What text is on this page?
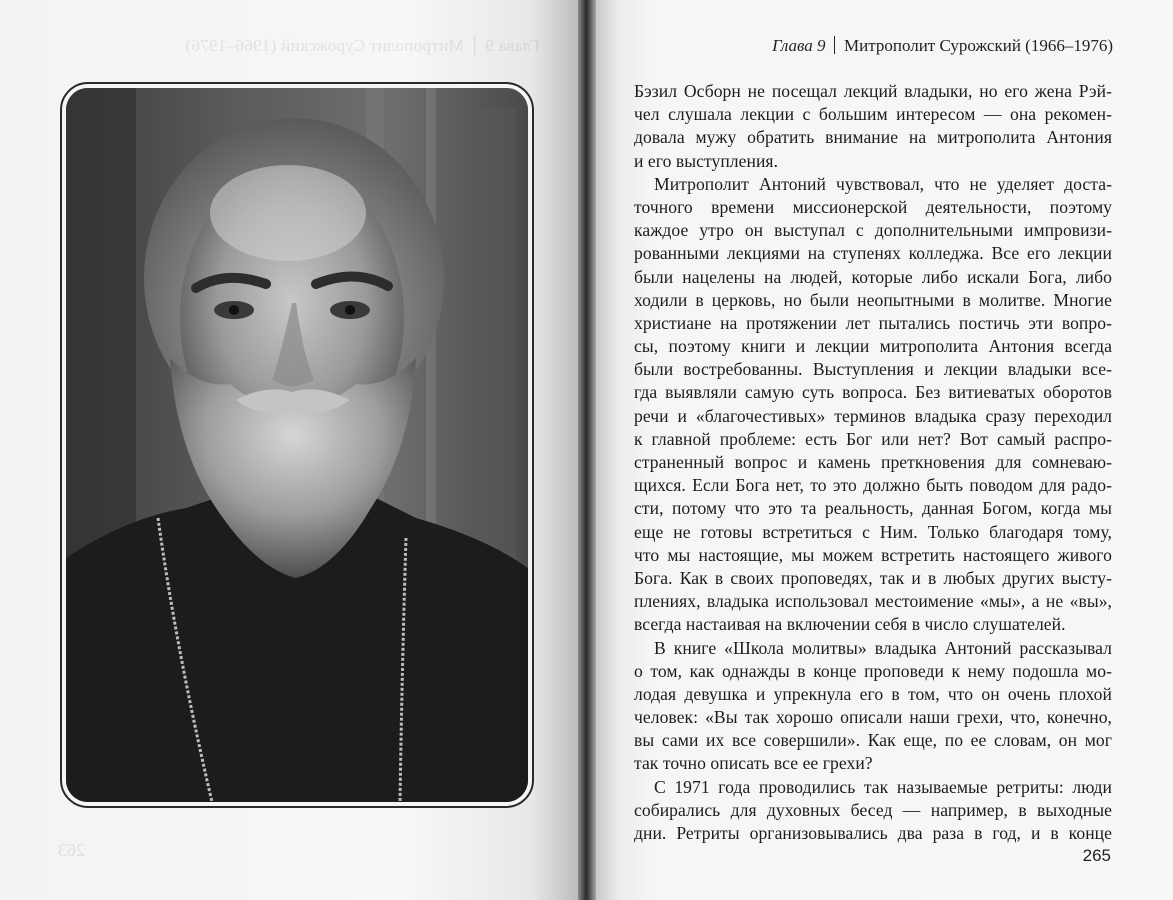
Глава 9 │ Митрополит Сурожский (1966–1976)
263
Глава 9 Митрополит Сурожский (1966–1976)
Бэзил Осборн не посещал лекций владыки, но его жена Рэй-
чел слушала лекции с большим интересом — она рекомен-
довала мужу обратить внимание на митрополита Антония
и его выступления.
Митрополит Антоний чувствовал, что не уделяет доста-
точного времени миссионерской деятельности, поэтому
каждое утро он выступал с дополнительными импровизи-
рованными лекциями на ступенях колледжа. Все его лекции
были нацелены на людей, которые либо искали Бога, либо
ходили в церковь, но были неопытными в молитве. Многие
христиане на протяжении лет пытались постичь эти вопро-
сы, поэтому книги и лекции митрополита Антония всегда
были востребованны. Выступления и лекции владыки все-
гда выявляли самую суть вопроса. Без витиеватых оборотов
речи и «благочестивых» терминов владыка сразу переходил
к главной проблеме: есть Бог или нет? Вот самый распро-
страненный вопрос и камень преткновения для сомневаю-
щихся. Если Бога нет, то это должно быть поводом для радо-
сти, потому что это та реальность, данная Богом, когда мы
еще не готовы встретиться с Ним. Только благодаря тому,
что мы настоящие, мы можем встретить настоящего живого
Бога. Как в своих проповедях, так и в любых других высту-
плениях, владыка использовал местоимение «мы», а не «вы»,
всегда настаивая на включении себя в число слушателей.
В книге «Школа молитвы» владыка Антоний рассказывал
о том, как однажды в конце проповеди к нему подошла мо-
лодая девушка и упрекнула его в том, что он очень плохой
человек: «Вы так хорошо описали наши грехи, что, конечно,
вы сами их все совершили». Как еще, по ее словам, он мог
так точно описать все ее грехи?
С 1971 года проводились так называемые ретриты: люди
собирались для духовных бесед — например, в выходные
дни. Ретриты организовывались два раза в год, и в конце
265
